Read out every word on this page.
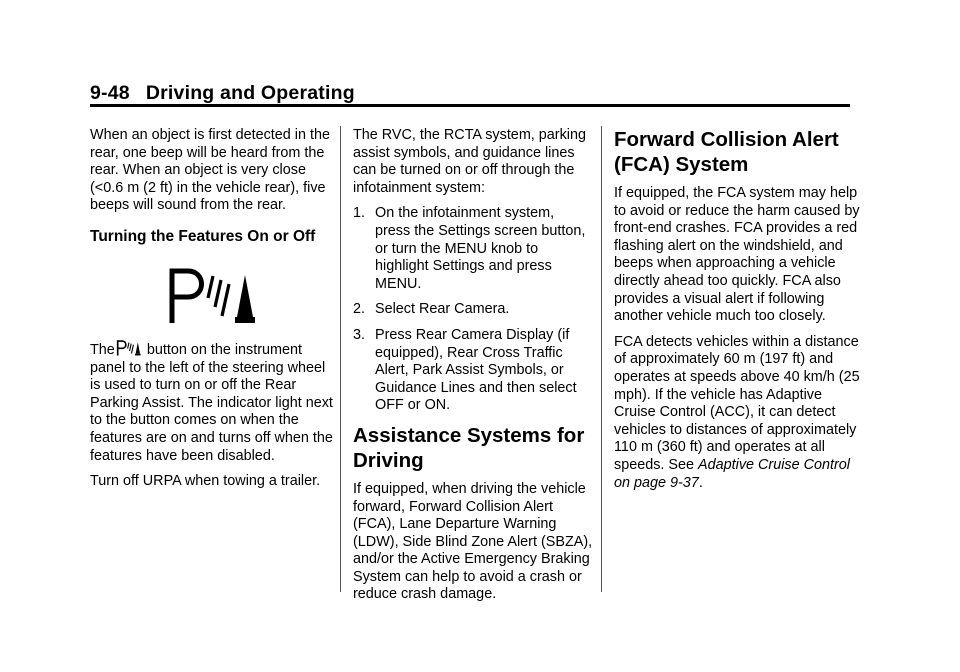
9-48 Driving and Operating

When an object is first detected in the rear, one beep will be heard from the rear. When an object is very close (<0.6 m (2 ft) in the vehicle rear), five beeps will sound from the rear.

Turning the Features On or Off

The button on the instrument panel to the left of the steering wheel is used to turn on or off the Rear Parking Assist. The indicator light next to the button comes on when the features are on and turns off when the features have been disabled.

Turn off URPA when towing a trailer.

The RVC, the RCTA system, parking assist symbols, and guidance lines can be turned on or off through the infotainment system:

1. On the infotainment system, press the Settings screen button, or turn the MENU knob to highlight Settings and press MENU.
2. Select Rear Camera.
3. Press Rear Camera Display (if equipped), Rear Cross Traffic Alert, Park Assist Symbols, or Guidance Lines and then select OFF or ON.
Assistance Systems for Driving

If equipped, when driving the vehicle forward, Forward Collision Alert (FCA), Lane Departure Warning (LDW), Side Blind Zone Alert (SBZA), and/or the Active Emergency Braking System can help to avoid a crash or reduce crash damage.

Forward Collision Alert (FCA) System

If equipped, the FCA system may help to avoid or reduce the harm caused by front-end crashes. FCA provides a red flashing alert on the windshield, and beeps when approaching a vehicle directly ahead too quickly. FCA also provides a visual alert if following another vehicle much too closely.

FCA detects vehicles within a distance of approximately 60 m (197 ft) and operates at speeds above 40 km/h (25 mph). If the vehicle has Adaptive Cruise Control (ACC), it can detect vehicles to distances of approximately 110 m (360 ft) and operates at all speeds. See Adaptive Cruise Control on page 9-37.
